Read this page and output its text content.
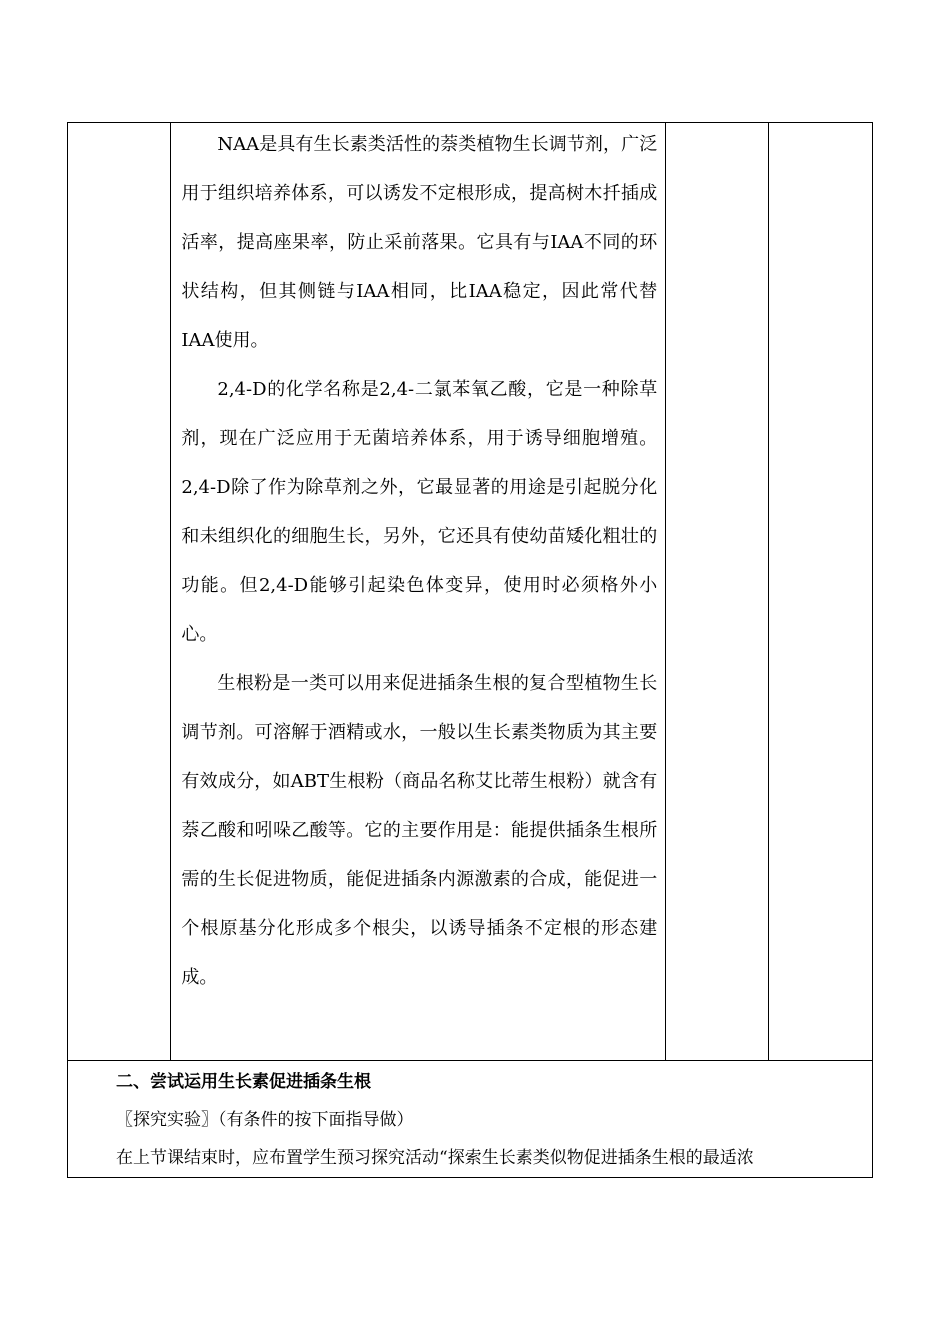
NAA是具有生长素类活性的萘类植物生长调节剂，广泛用于组织培养体系，可以诱发不定根形成，提高树木扦插成活率，提高座果率，防止采前落果。它具有与IAA不同的环状结构，但其侧链与IAA相同，比IAA稳定，因此常代替IAA使用。

2,4-D的化学名称是2,4-二氯苯氧乙酸，它是一种除草剂，现在广泛应用于无菌培养体系，用于诱导细胞增殖。2,4-D除了作为除草剂之外，它最显著的用途是引起脱分化和未组织化的细胞生长，另外，它还具有使幼苗矮化粗壮的功能。但2,4-D能够引起染色体变异，使用时必须格外小心。

生根粉是一类可以用来促进插条生根的复合型植物生长调节剂。可溶解于酒精或水，一般以生长素类物质为其主要有效成分，如ABT生根粉（商品名称艾比蒂生根粉）就含有萘乙酸和吲哚乙酸等。它的主要作用是：能提供插条生根所需的生长促进物质，能促进插条内源激素的合成，能促进一个根原基分化形成多个根尖，以诱导插条不定根的形态建成。

二、尝试运用生长素促进插条生根

〖探究实验〗（有条件的按下面指导做）

在上节课结束时，应布置学生预习探究活动“探索生长素类似物促进插条生根的最适浓
